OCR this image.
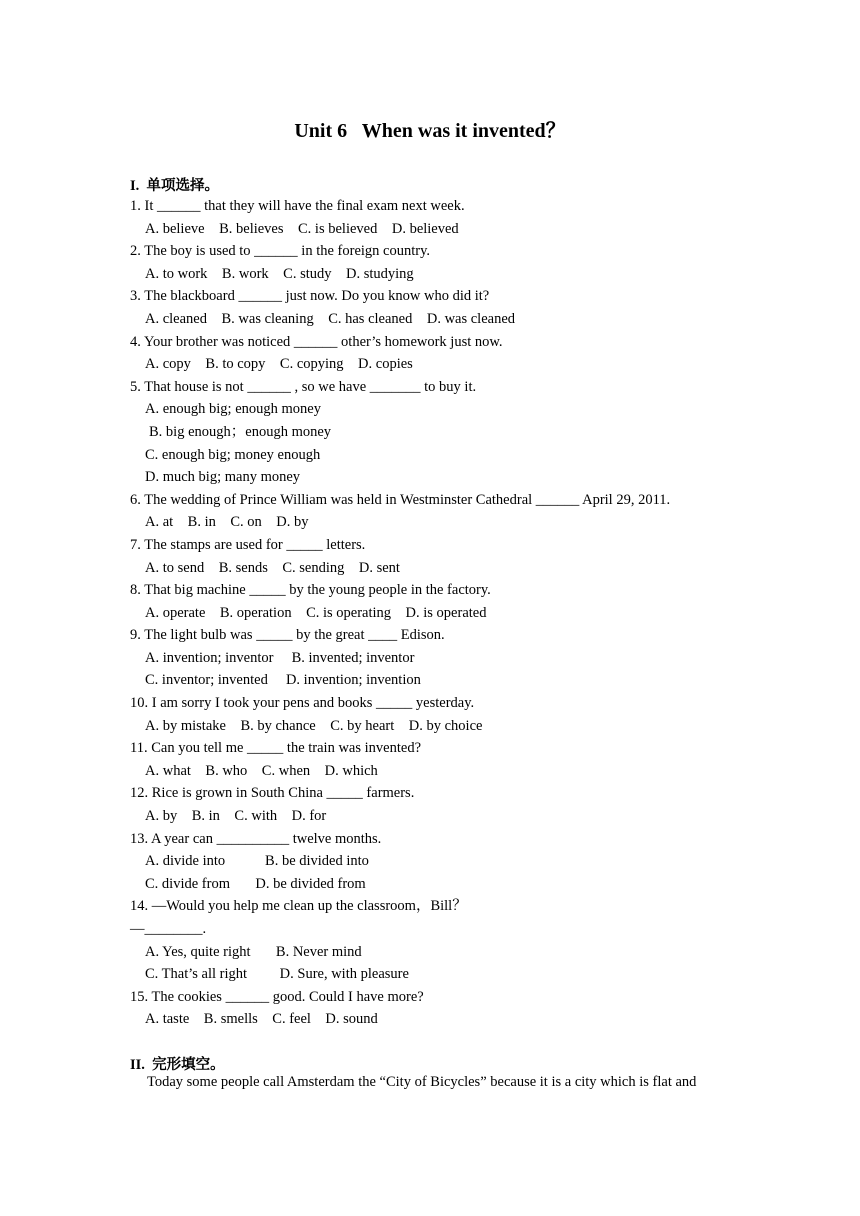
Unit 6   When was it invented？
I.  单项选择。
1. It ______ that they will have the final exam next week.
A. believe    B. believes    C. is believed    D. believed
2. The boy is used to ______ in the foreign country.
A. to work    B. work    C. study    D. studying
3. The blackboard ______ just now. Do you know who did it?
A. cleaned    B. was cleaning    C. has cleaned    D. was cleaned
4. Your brother was noticed ______ other’s homework just now.
A. copy    B. to copy    C. copying    D. copies
5. That house is not ______ , so we have _______ to buy it.
A. enough big; enough money
B. big enough；enough money
C. enough big; money enough
D. much big; many money
6. The wedding of Prince William was held in Westminster Cathedral ______ April 29, 2011.
A. at    B. in    C. on    D. by
7. The stamps are used for _____ letters.
A. to send    B. sends    C. sending    D. sent
8. That big machine _____ by the young people in the factory.
A. operate    B. operation    C. is operating    D. is operated
9. The light bulb was _____ by the great ____ Edison.
A. invention; inventor     B. invented; inventor
C. inventor; invented     D. invention; invention
10. I am sorry I took your pens and books _____ yesterday.
A. by mistake    B. by chance    C. by heart    D. by choice
11. Can you tell me _____ the train was invented?
A. what    B. who    C. when    D. which
12. Rice is grown in South China _____ farmers.
A. by    B. in    C. with    D. for
13. A year can __________ twelve months.
A. divide into           B. be divided into
C. divide from       D. be divided from
14. —Would you help me clean up the classroom，Bill？
—________.
A. Yes, quite right       B. Never mind
C. That’s all right         D. Sure, with pleasure
15. The cookies ______ good. Could I have more?
A. taste    B. smells    C. feel    D. sound
II.  完形填空。
Today some people call Amsterdam the “City of Bicycles” because it is a city which is flat and
